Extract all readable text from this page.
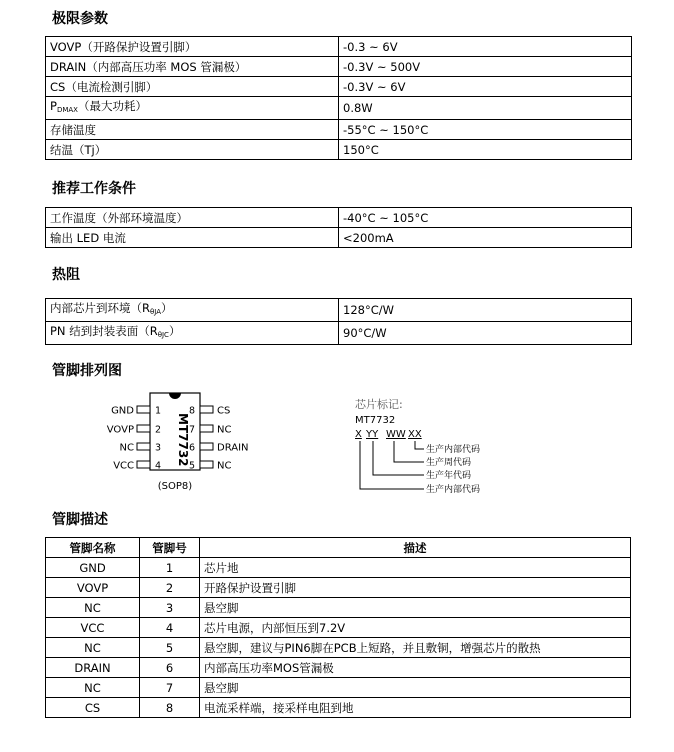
极限参数
VOVP（开路保护设置引脚）	-0.3 ~ 6V
DRAIN（内部高压功率 MOS 管漏极）	-0.3V ~ 500V
CS（电流检测引脚）	-0.3V ~ 6V
$P_{DMAX}$（最大功耗）	0.8W
存储温度	-55°C ~ 150°C
结温（Tj）	150°C
推荐工作条件
工作温度（外部环境温度）	-40°C ~ 105°C
输出 LED 电流	<200mA
热阻
内部芯片到环境$(R_{\theta JA})$	128°C/W
PN 结到封装表面$(R_{\theta JC})$	90°C/W
管脚排列图
MT7732
GND 1
VOVP 2
NC 3
VCC 4
CS
8
NC
7
DRAIN
6
NC
5
(SOP8)
芯片标记:
MT7732
X YY WW XX
生产内部代码
生产周代码
生产年代码
生产内部代码
管脚描述
管脚名称	管脚号	描述
GND	1	芯片地
VOVP	2	开路保护设置引脚
NC	3	悬空脚
VCC	4	芯片电源，内部恒压到7.2V
NC	5	悬空脚，建议与PIN6脚在PCB上短路，并且敷铜，增强芯片的散热
DRAIN	6	内部高压功率MOS管漏极
NC	7	悬空脚
CS	8	电流采样端，接采样电阻到地
